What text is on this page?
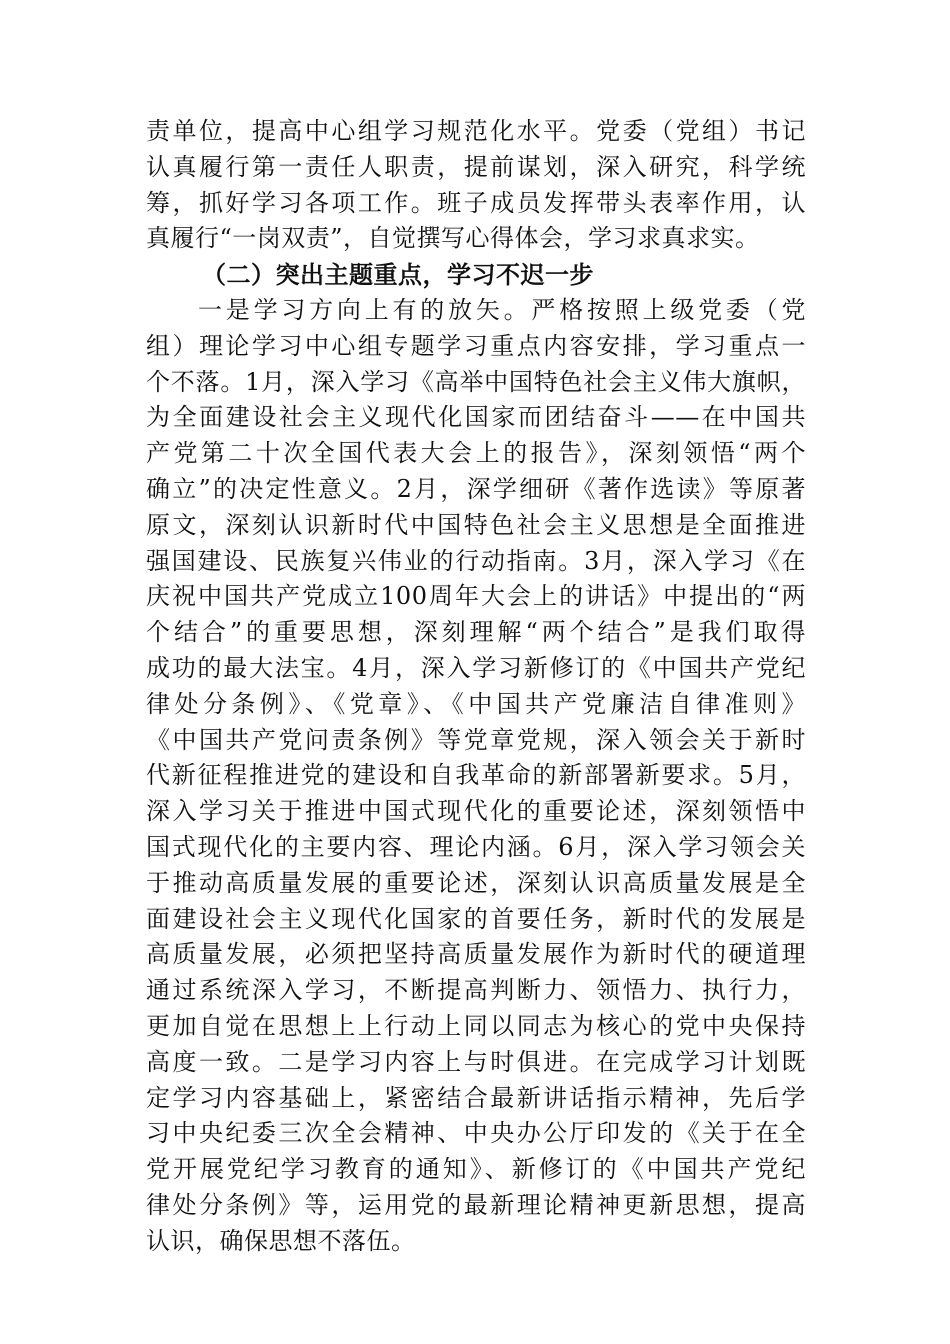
责单位，提高中心组学习规范化水平。党委（党组）书记
认真履行第一责任人职责，提前谋划，深入研究，科学统
筹，抓好学习各项工作。班子成员发挥带头表率作用，认
真履行“一岗双责”，自觉撰写心得体会，学习求真求实。
（二）突出主题重点，学习不迟一步
一是学习方向上有的放矢。严格按照上级党委（党
组）理论学习中心组专题学习重点内容安排，学习重点一
个不落。1月，深入学习《高举中国特色社会主义伟大旗帜，
为全面建设社会主义现代化国家而团结奋斗——在中国共
产党第二十次全国代表大会上的报告》，深刻领悟“两个
确立”的决定性意义。2月，深学细研《著作选读》等原著
原文，深刻认识新时代中国特色社会主义思想是全面推进
强国建设、民族复兴伟业的行动指南。3月，深入学习《在
庆祝中国共产党成立100周年大会上的讲话》中提出的“两
个结合”的重要思想，深刻理解“两个结合”是我们取得
成功的最大法宝。4月，深入学习新修订的《中国共产党纪
律处分条例》、《党章》、《中国共产党廉洁自律准则》
《中国共产党问责条例》等党章党规，深入领会关于新时
代新征程推进党的建设和自我革命的新部署新要求。5月，
深入学习关于推进中国式现代化的重要论述，深刻领悟中
国式现代化的主要内容、理论内涵。6月，深入学习领会关
于推动高质量发展的重要论述，深刻认识高质量发展是全
面建设社会主义现代化国家的首要任务，新时代的发展是
高质量发展，必须把坚持高质量发展作为新时代的硬道理
通过系统深入学习，不断提高判断力、领悟力、执行力，
更加自觉在思想上上行动上同以同志为核心的党中央保持
高度一致。二是学习内容上与时俱进。在完成学习计划既
定学习内容基础上，紧密结合最新讲话指示精神，先后学
习中央纪委三次全会精神、中央办公厅印发的《关于在全
党开展党纪学习教育的通知》、新修订的《中国共产党纪
律处分条例》等，运用党的最新理论精神更新思想，提高
认识，确保思想不落伍。
